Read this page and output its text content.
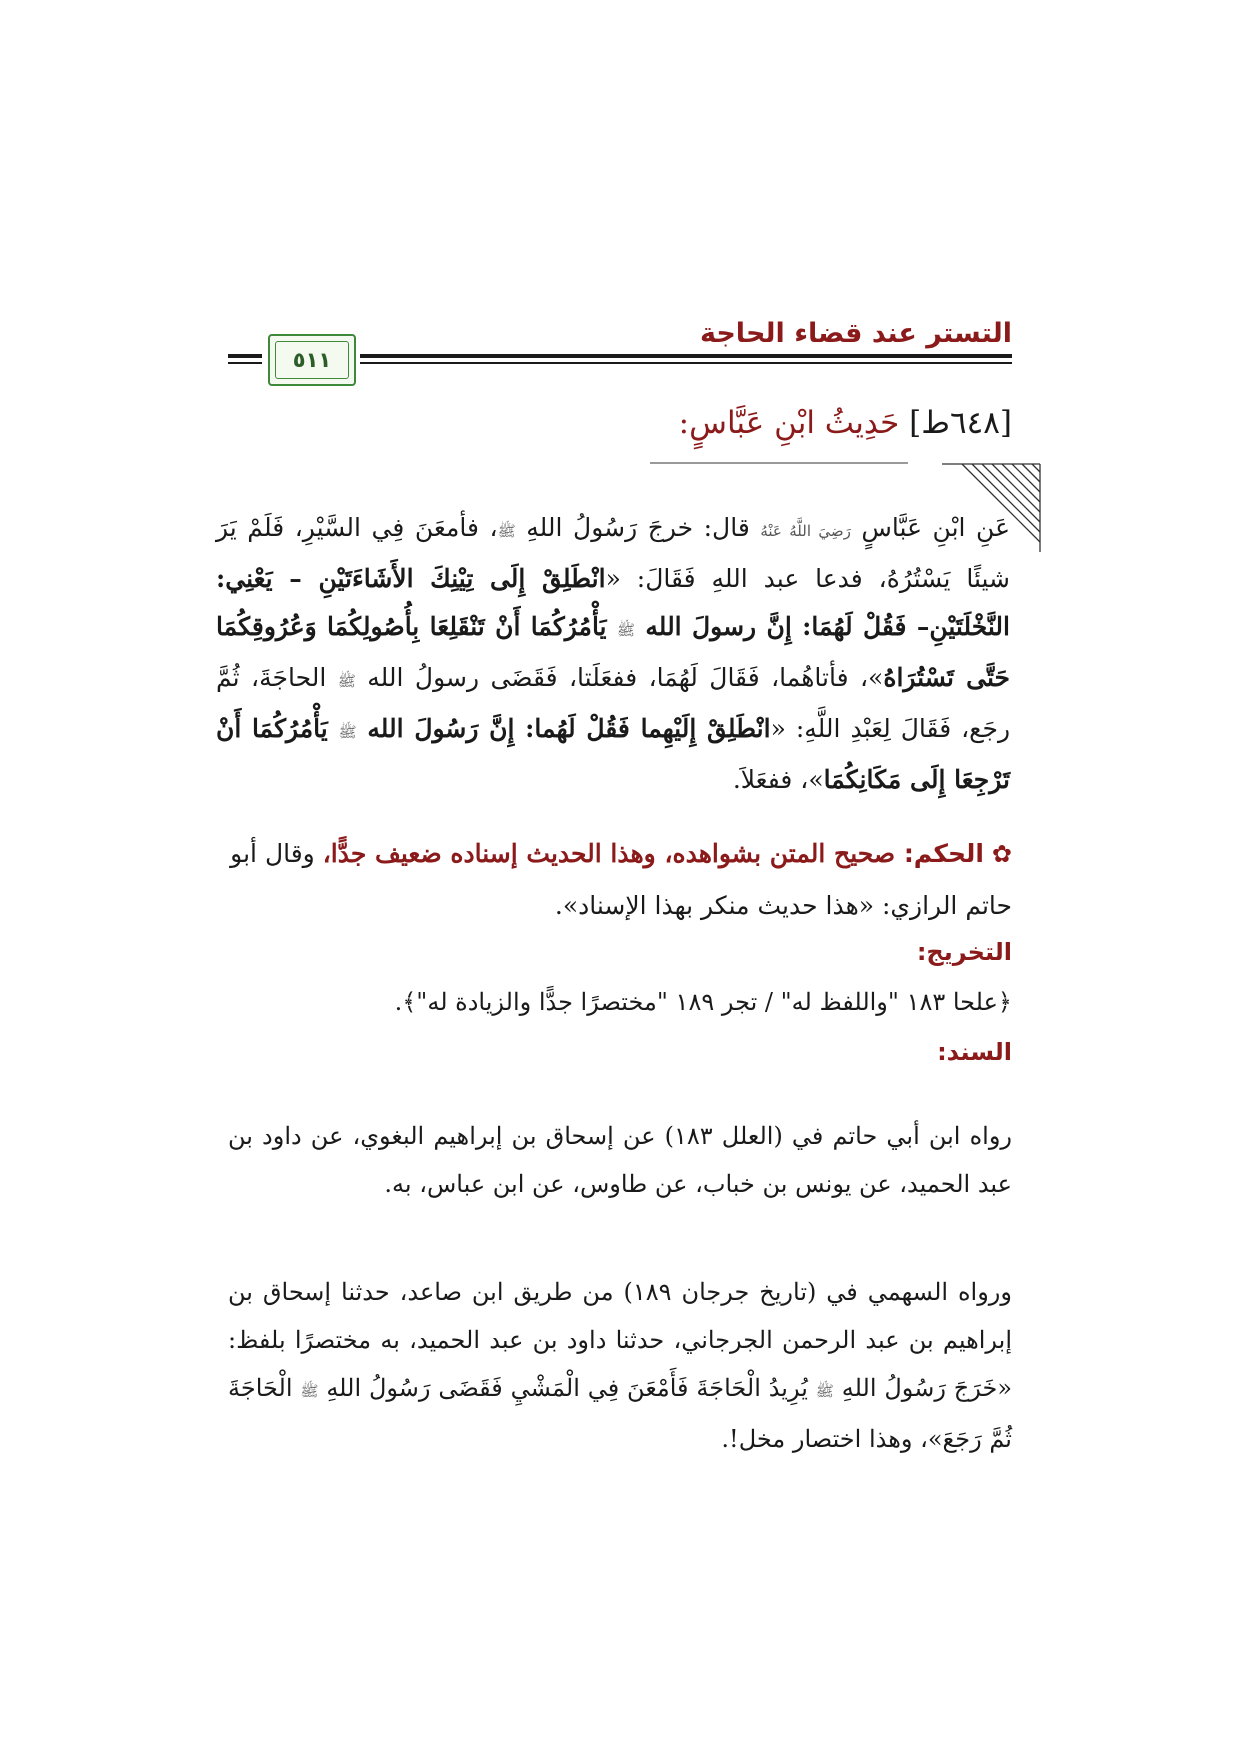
التستر عند قضاء الحاجة
٥١١
[٦٤٨ط] حَدِيثُ ابْنِ عَبَّاسٍ:

عَنِ ابْنِ عَبَّاسٍ رَضِيَ اللَّهُ عَنْهُ قال: خرجَ رَسُولُ اللهِ ﷺ، فأمعَنَ فِي السَّيْرِ، فَلَمْ يَرَ شيئًا يَسْتُرُهُ، فدعا عبد اللهِ فَقَالَ: «انْطَلِقْ إِلَى تِيْنِكَ الأَشَاءَتَيْنِ – يَعْنِي: النَّخْلَتَيْنِ– فَقُلْ لَهُمَا: إِنَّ رسولَ الله ﷺ يَأْمُرُكُمَا أَنْ تَنْقَلِعَا بِأُصُولِكُمَا وَعُرُوقِكُمَا حَتَّى تَسْتُرَاهُ»، فأتاهُما، فَقَالَ لَهُمَا، ففعَلَتا، فَقَضَى رسولُ الله ﷺ الحاجَةَ، ثُمَّ رجَع، فَقَالَ لِعَبْدِ اللَّهِ: «انْطَلِقْ إِلَيْهِما فَقُلْ لَهُما: إِنَّ رَسُولَ الله ﷺ يَأْمُرُكُمَا أَنْ تَرْجِعَا إِلَى مَكَانِكُمَا»، ففعَلاَ.

✿ الحكم: صحيح المتن بشواهده، وهذا الحديث إسناده ضعيف جدًّا، وقال أبو حاتم الرازي: «هذا حديث منكر بهذا الإسناد».
التخريج:
﴿علحا ١٨٣ "واللفظ له" / تجر ١٨٩ "مختصرًا جدًّا والزيادة له"﴾.
السند:

رواه ابن أبي حاتم في (العلل ١٨٣) عن إسحاق بن إبراهيم البغوي، عن داود بن عبد الحميد، عن يونس بن خباب، عن طاوس، عن ابن عباس، به.

ورواه السهمي في (تاريخ جرجان ١٨٩) من طريق ابن صاعد، حدثنا إسحاق بن إبراهيم بن عبد الرحمن الجرجاني، حدثنا داود بن عبد الحميد، به مختصرًا بلفظ: «خَرَجَ رَسُولُ اللهِ ﷺ يُرِيدُ الْحَاجَةَ فَأَمْعَنَ فِي الْمَشْيِ فَقَضَى رَسُولُ اللهِ ﷺ الْحَاجَةَ ثُمَّ رَجَعَ»، وهذا اختصار مخل!.
